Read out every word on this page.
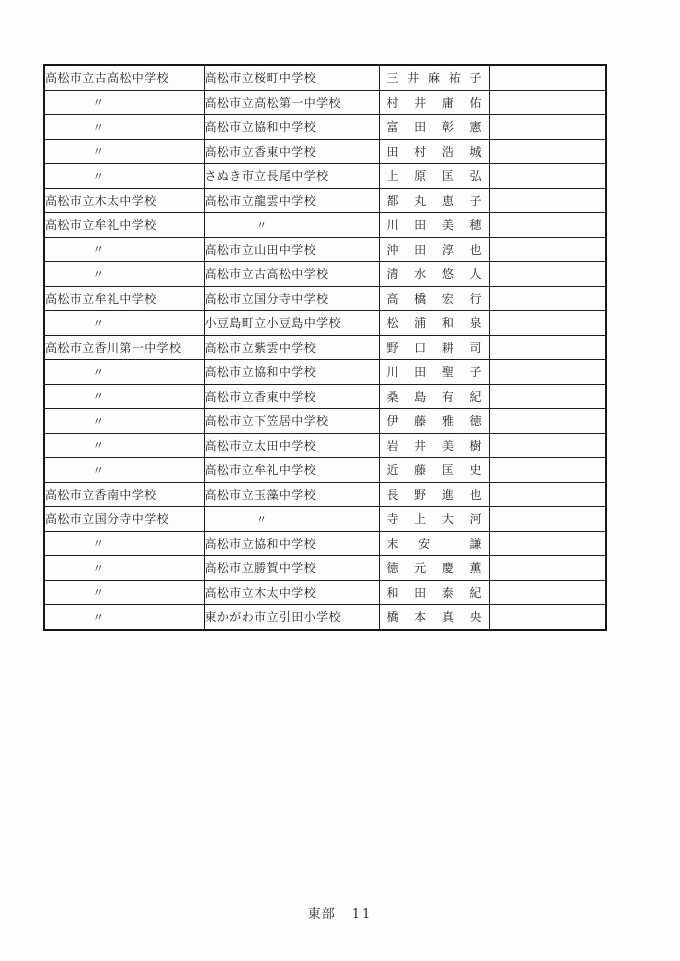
高松市立古高松中学校	高松市立桜町中学校	三 井 麻 祐 子	

〃	高松市立高松第一中学校	村 井 庸 佑	

〃	高松市立協和中学校	富 田 彰 憲	

〃	高松市立香東中学校	田 村 浩 城	

〃	さぬき市立長尾中学校	上 原 匡 弘	

高松市立木太中学校	高松市立龍雲中学校	都 丸 恵 子	

高松市立牟礼中学校	〃	川 田 美 穂	

〃	高松市立山田中学校	沖 田 淳 也	

〃	高松市立古高松中学校	清 水 悠 人	

高松市立牟礼中学校	高松市立国分寺中学校	高 橋 宏 行	

〃	小豆島町立小豆島中学校	松 浦 和 泉	

高松市立香川第一中学校	高松市立紫雲中学校	野 口 耕 司	

〃	高松市立協和中学校	川 田 聖 子	

〃	高松市立香東中学校	桑 島 有 紀	

〃	高松市立下笠居中学校	伊 藤 雅 徳	

〃	高松市立太田中学校	岩 井 美 樹	

〃	高松市立牟礼中学校	近 藤 匡 史	

高松市立香南中学校	高松市立玉藻中学校	長 野 進 也	

高松市立国分寺中学校	〃	寺 上 大 河	

〃	高松市立協和中学校	末 安 謙	

〃	高松市立勝賀中学校	徳 元 慶 薫	

〃	高松市立木太中学校	和 田 泰 紀	

〃	東かがわ市立引田小学校	橋 本 真 央	

東部 11
